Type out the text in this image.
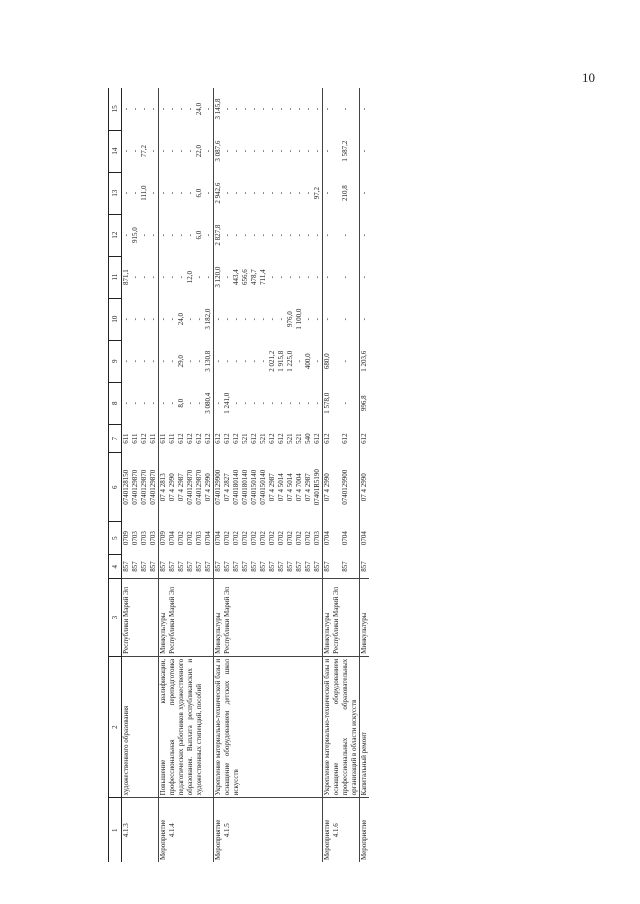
10
1	2	3	4	5	6	7	8	9	10	11	12	13	14	15

4.1.3	художественного образования	Республики Марий Эл	857	0709	0740128150	611	-	-	-	871,1	-	-	-	-
			857	0703	0740129870	611	-	-	-	-	915,0	-	-	-
			857	0703	0740129870	612	-	-	-	-	-	111,0	77,2	-
			857	0703	0740129870	611	-	-	-	-	-	-	-	-

Мероприятие 4.1.4	Повышение квалификации, профессиональная переподготовка педагогических работников художественного образования. Выплата республиканских и художественных стипендий, пособий	Минкультуры Республики Марий Эл	857	0709	07 4 2813	611	-	-	-	-	-	-	-	-
			857	0704	07 4 2990	611	-	-	-	-	-	-	-	-
			857	0702	07 4 2987	612	8,0	29,0	24,0	-	-	-	-	-
			857	0702	0740129870	612	-	-	-	12,0	-	-	-	-
			857	0703	0740129870	612	-	-	-	-	6,0	6,0	22,0	24,0
			857	0704	07 4 2990	612	3 080,4	3 130,8	3 182,0	-	-	-	-	-

Мероприятие 4.1.5	Укрепление материально-технической базы и оснащение оборудованием детских школ искусств	Минкультуры Республики Марий Эл	857	0704	0740129900	612	-	-	-	3 120,0	2 827,8	2 942,6	3 087,6	3 145,8
			857	0702	07 4 2827	612	1 241,0	-	-	-	-	-	-	-
			857	0702	0740180140	612	-	-	-	443,4	-	-	-	-
			857	0702	0740180140	521	-	-	-	656,6	-	-	-	-
			857	0702	0740150140	612	-	-	-	478,7	-	-	-	-
			857	0702	0740150140	521	-	-	-	711,4	-	-	-	-
			857	0702	07 4 2987	612	-	2 021,2	-	-	-	-	-	-
			857	0702	07 4 5014	612	-	1 915,8	-	-	-	-	-	-
			857	0702	07 4 5014	521	-	1 225,0	976,0	-	-	-	-	-
			857	0702	07 4 7004	521	-	-	1 100,0	-	-	-	-	-
			857	0702	07 4 2987	540	-	400,0	-	-	-	-	-	-
			857	0703	07401R5190	612	-	-	-	-	-	97,2	-	-

Мероприятие 4.1.6	Укрепление материально-технической базы и оснащение оборудованием профессиональных образовательных организаций в области искусств	Минкультуры Республики Марий Эл	857	0704	07 4 2990	612	1 578,0	680,0	-	-	-	-	-	-
			857	0704	0740129900	612	-	-	-	-	-	210,8	1 587,2	-

Мероприятие	Капитальный ремонт	Минкультуры	857	0704	07 4 2990	612	996,8	1 203,6	-	-	-	-	-	-
